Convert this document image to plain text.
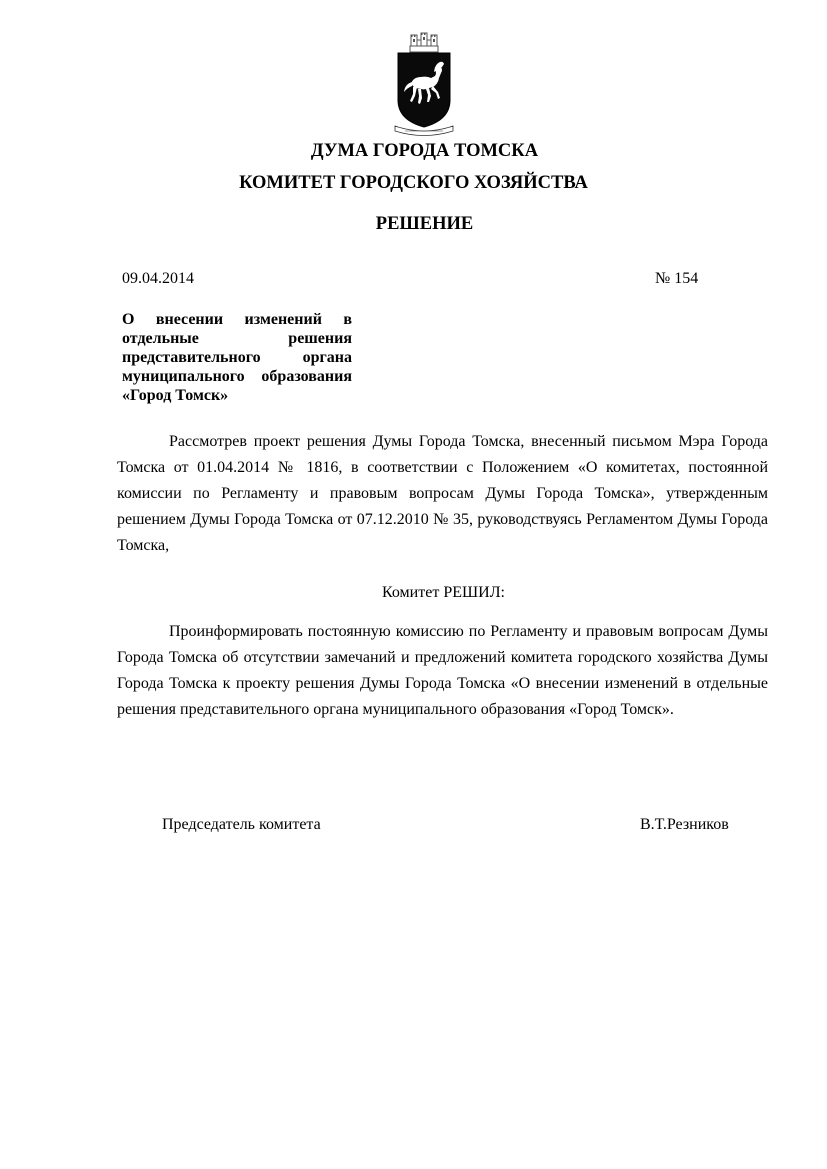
ДУМА ГОРОДА ТОМСКА
КОМИТЕТ ГОРОДСКОГО ХОЗЯЙСТВА
РЕШЕНИЕ
09.04.2014	№ 154
О внесении изменений в отдельные решения представительного органа муниципального образования «Город Томск»

Рассмотрев проект решения Думы Города Томска, внесенный письмом Мэра Города Томска от 01.04.2014 № 1816, в соответствии с Положением «О комитетах, постоянной комиссии по Регламенту и правовым вопросам Думы Города Томска», утвержденным решением Думы Города Томска от 07.12.2010 № 35, руководствуясь Регламентом Думы Города Томска,

Комитет РЕШИЛ:

Проинформировать постоянную комиссию по Регламенту и правовым вопросам Думы Города Томска об отсутствии замечаний и предложений комитета городского хозяйства Думы Города Томска к проекту решения Думы Города Томска «О внесении изменений в отдельные решения представительного органа муниципального образования «Город Томск».

Председатель комитета	В.Т.Резников
